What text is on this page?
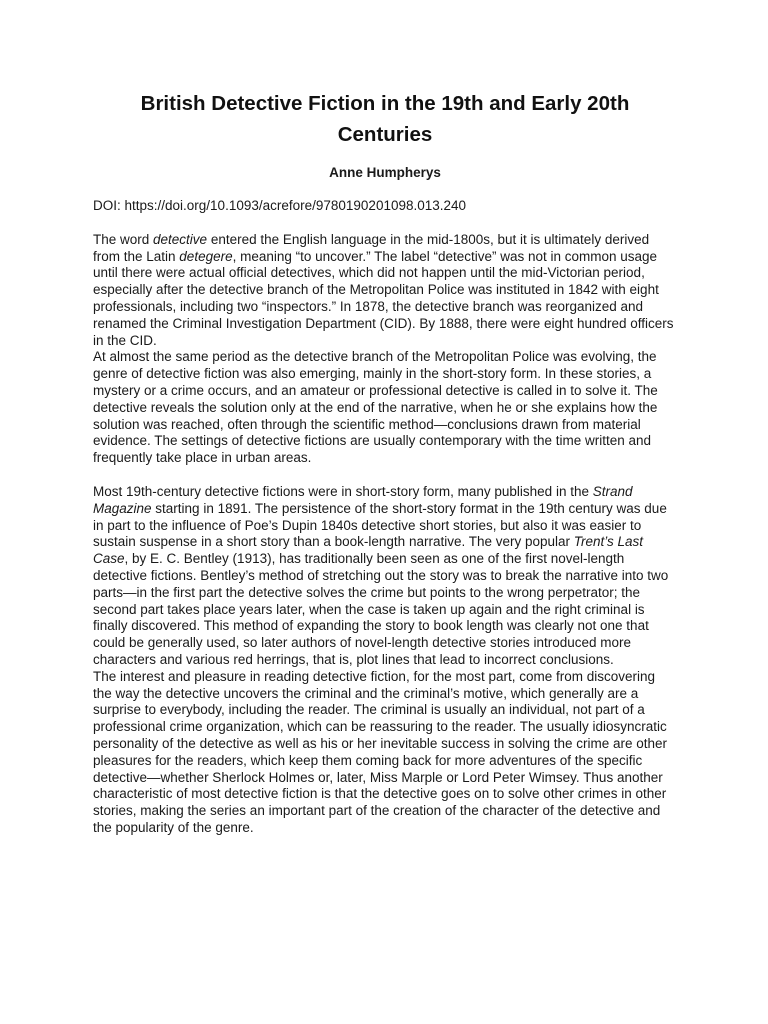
British Detective Fiction in the 19th and Early 20th Centuries
Anne Humpherys
DOI: https://doi.org/10.1093/acrefore/9780190201098.013.240

The word detective entered the English language in the mid-1800s, but it is ultimately derived from the Latin detegere, meaning “to uncover.” The label “detective” was not in common usage until there were actual official detectives, which did not happen until the mid-Victorian period, especially after the detective branch of the Metropolitan Police was instituted in 1842 with eight professionals, including two “inspectors.” In 1878, the detective branch was reorganized and renamed the Criminal Investigation Department (CID). By 1888, there were eight hundred officers in the CID.

At almost the same period as the detective branch of the Metropolitan Police was evolving, the genre of detective fiction was also emerging, mainly in the short-story form. In these stories, a mystery or a crime occurs, and an amateur or professional detective is called in to solve it. The detective reveals the solution only at the end of the narrative, when he or she explains how the solution was reached, often through the scientific method—conclusions drawn from material evidence. The settings of detective fictions are usually contemporary with the time written and frequently take place in urban areas.

Most 19th-century detective fictions were in short-story form, many published in the Strand Magazine starting in 1891. The persistence of the short-story format in the 19th century was due in part to the influence of Poe’s Dupin 1840s detective short stories, but also it was easier to sustain suspense in a short story than a book-length narrative. The very popular Trent’s Last Case, by E. C. Bentley (1913), has traditionally been seen as one of the first novel-length detective fictions. Bentley’s method of stretching out the story was to break the narrative into two parts—in the first part the detective solves the crime but points to the wrong perpetrator; the second part takes place years later, when the case is taken up again and the right criminal is finally discovered. This method of expanding the story to book length was clearly not one that could be generally used, so later authors of novel-length detective stories introduced more characters and various red herrings, that is, plot lines that lead to incorrect conclusions.

The interest and pleasure in reading detective fiction, for the most part, come from discovering the way the detective uncovers the criminal and the criminal’s motive, which generally are a surprise to everybody, including the reader. The criminal is usually an individual, not part of a professional crime organization, which can be reassuring to the reader. The usually idiosyncratic personality of the detective as well as his or her inevitable success in solving the crime are other pleasures for the readers, which keep them coming back for more adventures of the specific detective—whether Sherlock Holmes or, later, Miss Marple or Lord Peter Wimsey. Thus another characteristic of most detective fiction is that the detective goes on to solve other crimes in other stories, making the series an important part of the creation of the character of the detective and the popularity of the genre.
